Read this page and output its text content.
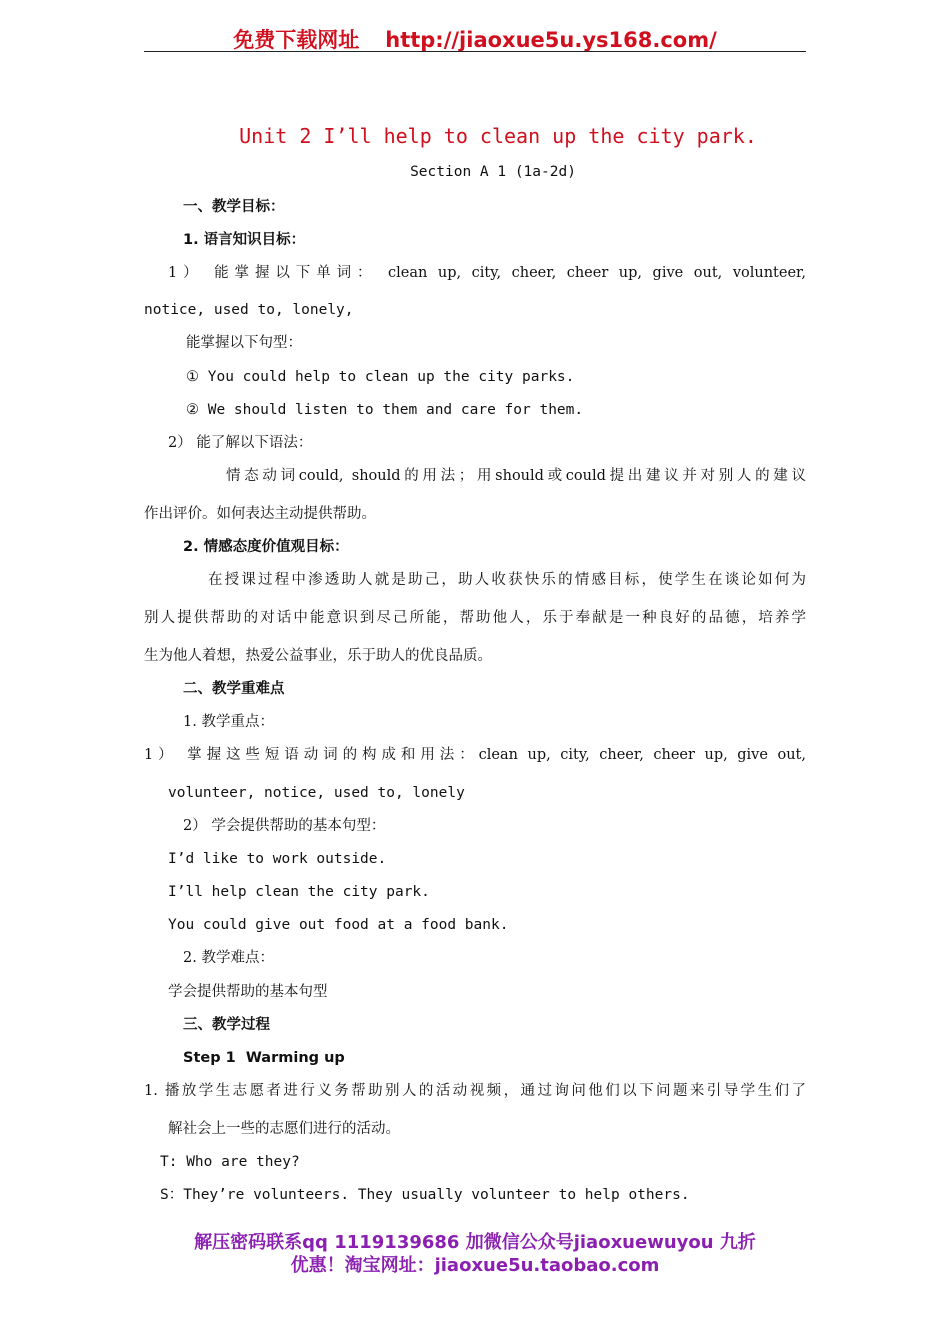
免费下载网址 http://jiaoxue5u.ys168.com/
Unit 2 I’ll help to clean up the city park.
Section A 1 (1a-2d)
一、教学目标：
1. 语言知识目标：
1） 能掌握以下单词： clean up, city, cheer, cheer up, give out, volunteer,
notice, used to, lonely,
能掌握以下句型：
① You could help to clean up the city parks.
② We should listen to them and care for them.
2） 能了解以下语法：
情态动词could, should的用法；用should或could提出建议并对别人的建议
作出评价。如何表达主动提供帮助。
2. 情感态度价值观目标：
在授课过程中渗透助人就是助己，助人收获快乐的情感目标，使学生在谈论如何为
别人提供帮助的对话中能意识到尽己所能，帮助他人，乐于奉献是一种良好的品德，培养学
生为他人着想，热爱公益事业，乐于助人的优良品质。
二、教学重难点
1. 教学重点：
1） 掌握这些短语动词的构成和用法：clean up, city, cheer, cheer up, give out,
volunteer, notice, used to, lonely
2） 学会提供帮助的基本句型：
I’d like to work outside.
I’ll help clean the city park.
You could give out food at a food bank.
2. 教学难点：
学会提供帮助的基本句型
三、教学过程
Step 1  Warming up
1. 播放学生志愿者进行义务帮助别人的活动视频，通过询问他们以下问题来引导学生们了
解社会上一些的志愿们进行的活动。
T: Who are they?
S：They’re volunteers. They usually volunteer to help others.
解压密码联系qq 1119139686 加微信公众号jiaoxuewuyou 九折
优惠！淘宝网址：jiaoxue5u.taobao.com
